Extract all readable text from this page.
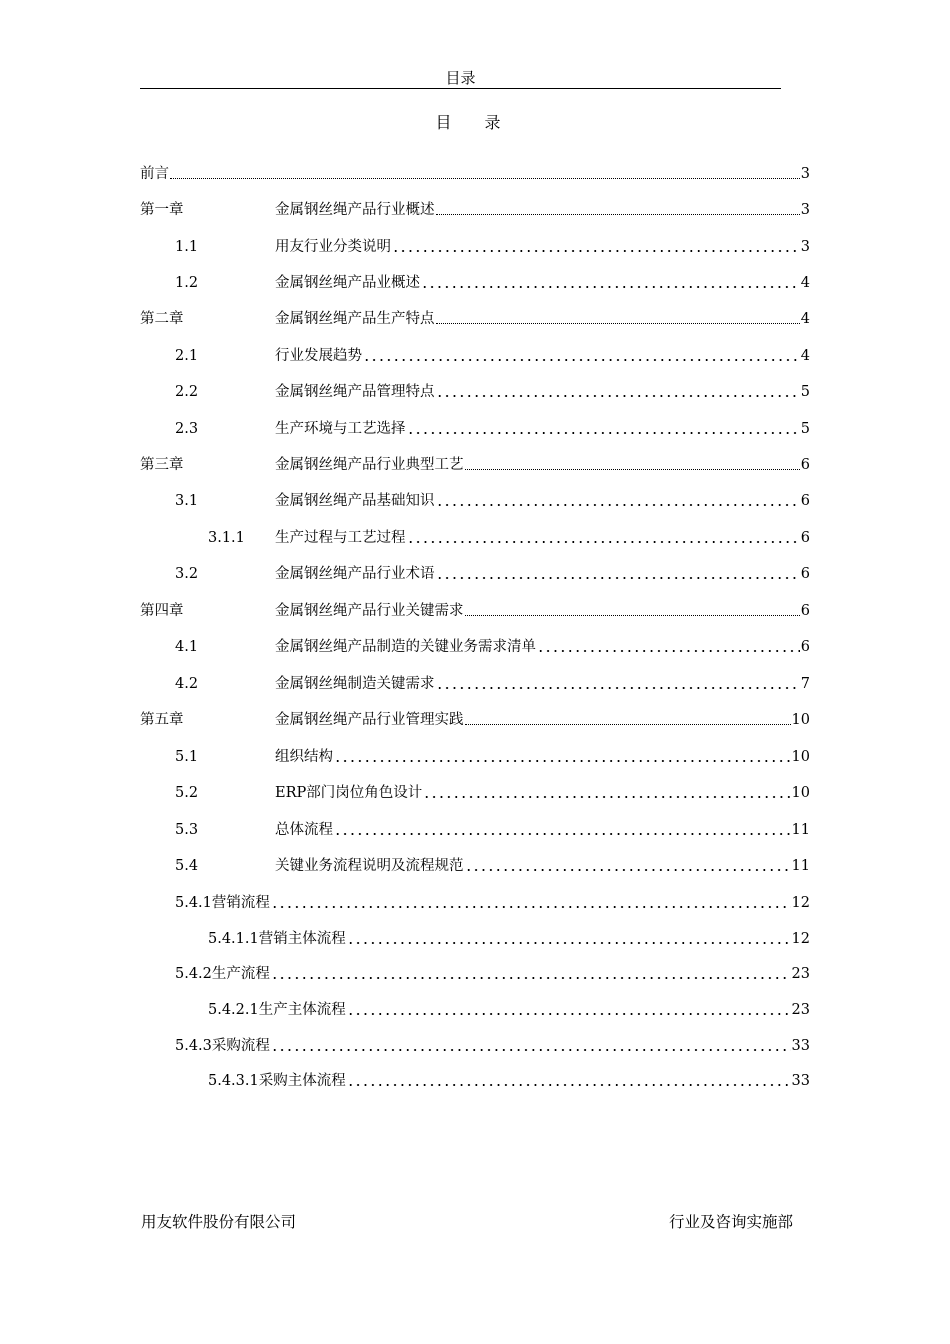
目录
目 录
前言	3
第一章	金属钢丝绳产品行业概述	3
1.1	用友行业分类说明	3
1.2	金属钢丝绳产品业概述	4
第二章	金属钢丝绳产品生产特点	4
2.1	行业发展趋势	4
2.2	金属钢丝绳产品管理特点	5
2.3	生产环境与工艺选择	5
第三章	金属钢丝绳产品行业典型工艺	6
3.1	金属钢丝绳产品基础知识	6
3.1.1 生产过程与工艺过程	6
3.2	金属钢丝绳产品行业术语	6
第四章	金属钢丝绳产品行业关键需求	6
4.1	金属钢丝绳产品制造的关键业务需求清单	6
4.2	金属钢丝绳制造关键需求	7
第五章	金属钢丝绳产品行业管理实践	10
5.1	组织结构	10
5.2	ERP部门岗位角色设计	10
5.3	总体流程	11
5.4	关键业务流程说明及流程规范	11
5.4.1 营销流程	12
5.4.1.1 营销主体流程	12
5.4.2 生产流程	23
5.4.2.1 生产主体流程	23
5.4.3 采购流程	33
5.4.3.1 采购主体流程	33
用友软件股份有限公司	行业及咨询实施部
